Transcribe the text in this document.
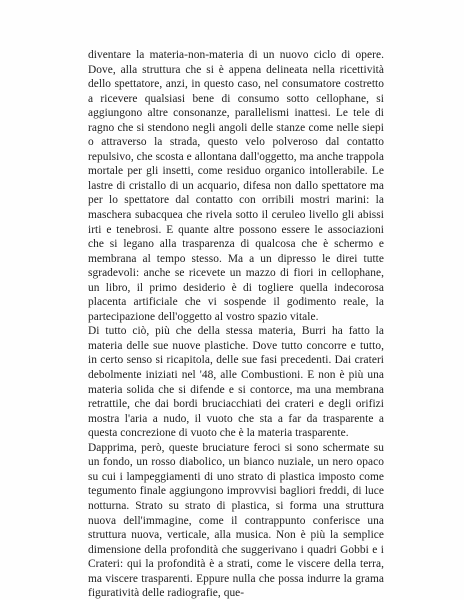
diventare la materia-non-materia di un nuovo ciclo di opere. Dove, alla struttura che si è appena delineata nella ricettività dello spettatore, anzi, in questo caso, nel consumatore costretto a ricevere qualsiasi bene di consumo sotto cellophane, si aggiungono altre consonanze, parallelismi inattesi. Le tele di ragno che si stendono negli angoli delle stanze come nelle siepi o attraverso la strada, questo velo polveroso dal contatto repulsivo, che scosta e allontana dall'oggetto, ma anche trappola mortale per gli insetti, come residuo organico intollerabile. Le lastre di cristallo di un acquario, difesa non dallo spettatore ma per lo spettatore dal contatto con orribili mostri marini: la maschera subacquea che rivela sotto il ceruleo livello gli abissi irti e tenebrosi. E quante altre possono essere le associazioni che si legano alla trasparenza di qualcosa che è schermo e membrana al tempo stesso. Ma a un dipresso le direi tutte sgradevoli: anche se ricevete un mazzo di fiori in cellophane, un libro, il primo desiderio è di togliere quella indecorosa placenta artificiale che vi sospende il godimento reale, la partecipazione dell'oggetto al vostro spazio vitale.

Di tutto ciò, più che della stessa materia, Burri ha fatto la materia delle sue nuove plastiche. Dove tutto concorre e tutto, in certo senso si ricapitola, delle sue fasi precedenti. Dai crateri debolmente iniziati nel '48, alle Combustioni. E non è più una materia solida che si difende e si contorce, ma una membrana retrattile, che dai bordi bruciacchiati dei crateri e degli orifizi mostra l'aria a nudo, il vuoto che sta a far da trasparente a questa concrezione di vuoto che è la materia trasparente.

Dapprima, però, queste bruciature feroci si sono schermate su un fondo, un rosso diabolico, un bianco nuziale, un nero opaco su cui i lampeggiamenti di uno strato di plastica imposto come tegumento finale aggiungono improvvisi bagliori freddi, di luce notturna. Strato su strato di plastica, si forma una struttura nuova dell'immagine, come il contrappunto conferisce una struttura nuova, verticale, alla musica. Non è più la semplice dimensione della profondità che suggerivano i quadri Gobbi e i Crateri: qui la profondità è a strati, come le viscere della terra, ma viscere trasparenti. Eppure nulla che possa indurre la grama figuratività delle radiografie, que-
